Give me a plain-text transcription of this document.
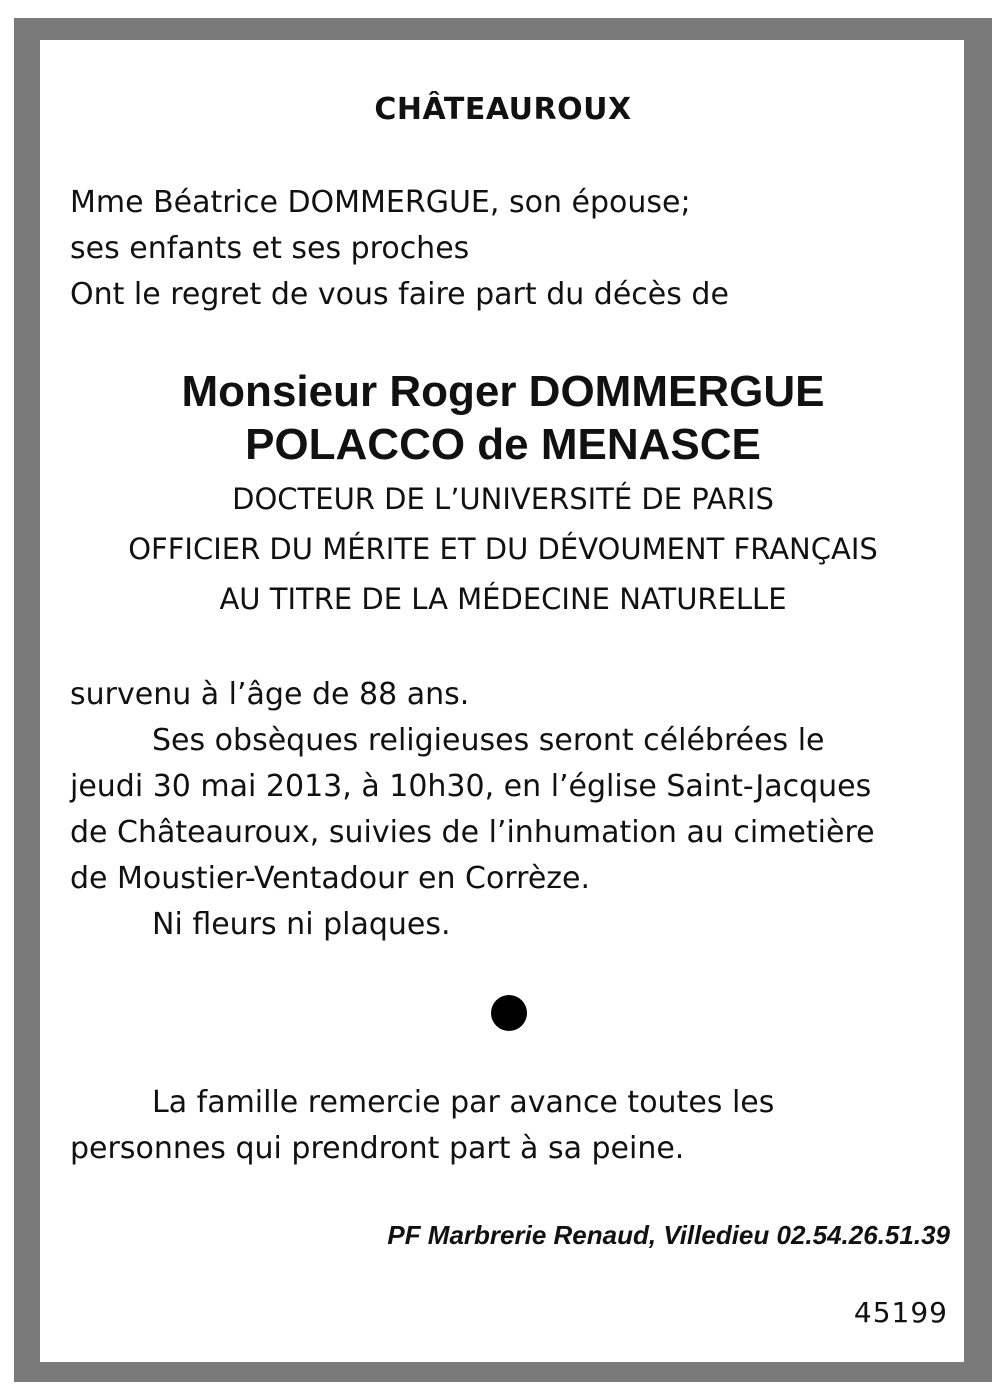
CHÂTEAUROUX
Mme Béatrice DOMMERGUE, son épouse;
ses enfants et ses proches
Ont le regret de vous faire part du décès de
Monsieur Roger DOMMERGUE
POLACCO de MENASCE
DOCTEUR DE L’UNIVERSITÉ DE PARIS
OFFICIER DU MÉRITE ET DU DÉVOUMENT FRANÇAIS
AU TITRE DE LA MÉDECINE NATURELLE
survenu à l’âge de 88 ans.
Ses obsèques religieuses seront célébrées le
jeudi 30 mai 2013, à 10h30, en l’église Saint-Jacques
de Châteauroux, suivies de l’inhumation au cimetière
de Moustier-Ventadour en Corrèze.
Ni fleurs ni plaques.
La famille remercie par avance toutes les
personnes qui prendront part à sa peine.
PF Marbrerie Renaud, Villedieu 02.54.26.51.39
45199
